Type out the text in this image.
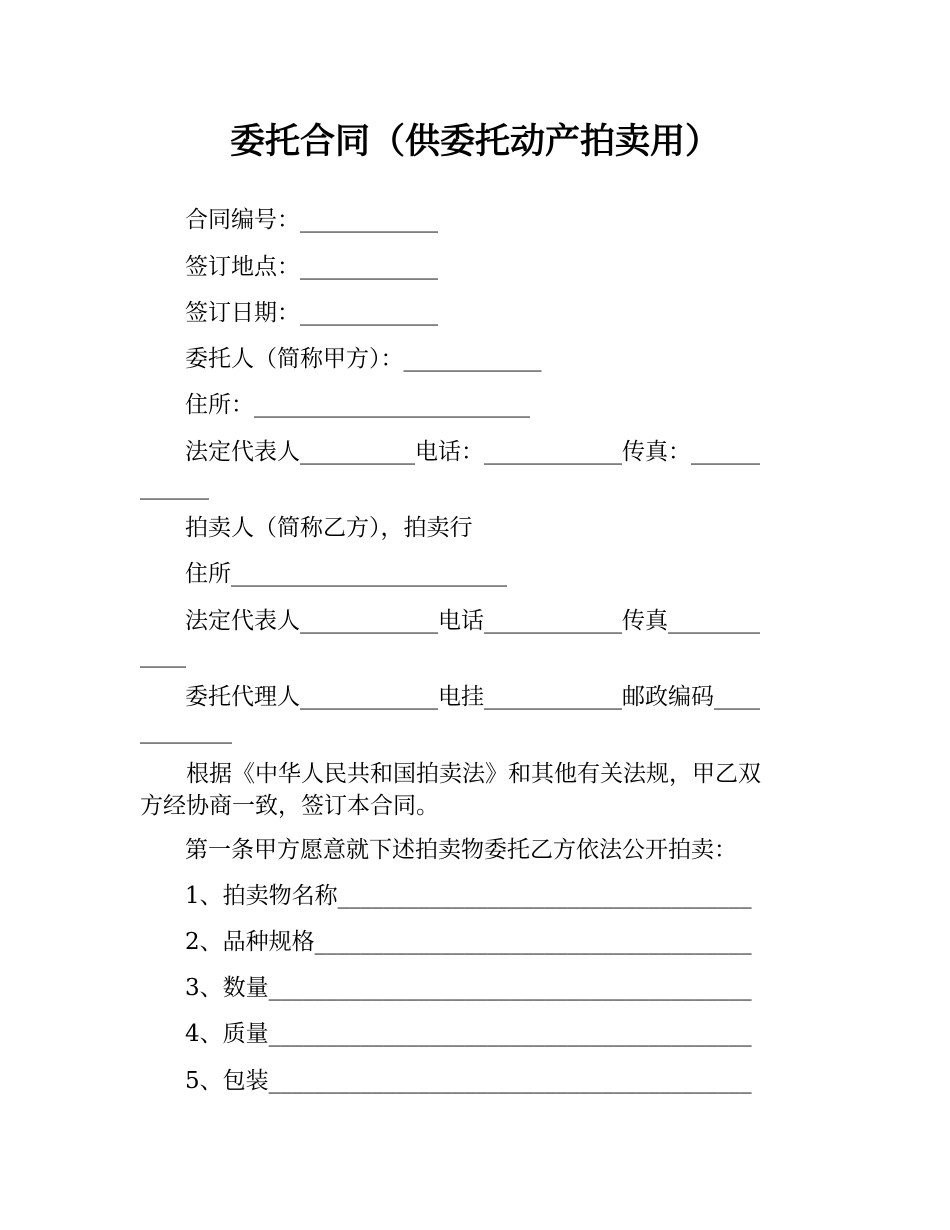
委托合同（供委托动产拍卖用）
合同编号：____________
签订地点：____________
签订日期：____________
委托人（简称甲方）：____________
住所：________________________
法定代表人__________电话：____________传真：______
______
拍卖人（简称乙方），拍卖行
住所________________________
法定代表人____________电话____________传真________
____
委托代理人____________电挂____________邮政编码____
________
根据《中华人民共和国拍卖法》和其他有关法规，甲乙双
方经协商一致，签订本合同。
第一条甲方愿意就下述拍卖物委托乙方依法公开拍卖：
1、拍卖物名称____________________________________
2、品种规格______________________________________
3、数量__________________________________________
4、质量__________________________________________
5、包装__________________________________________
